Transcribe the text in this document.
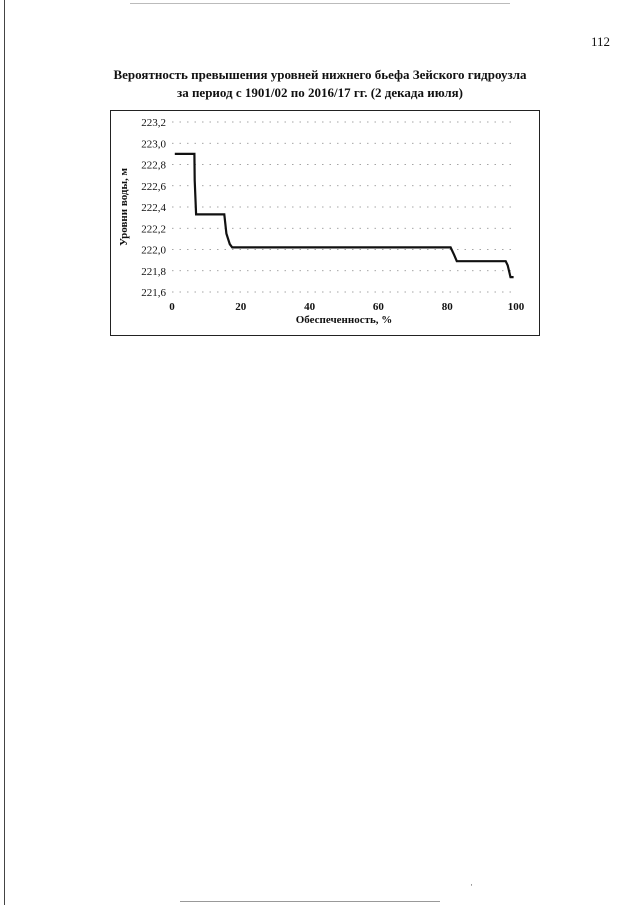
112
Вероятность превышения уровней нижнего бьефа Зейского гидроузла
за период с 1901/02 по 2016/17 гг. (2 декада июля)
221,6
221,8
222,0
222,2
222,4
222,6
222,8
223,0
223,2
0	20	40	60	80	100
Обеспеченность, %
Уровни воды, м
·
